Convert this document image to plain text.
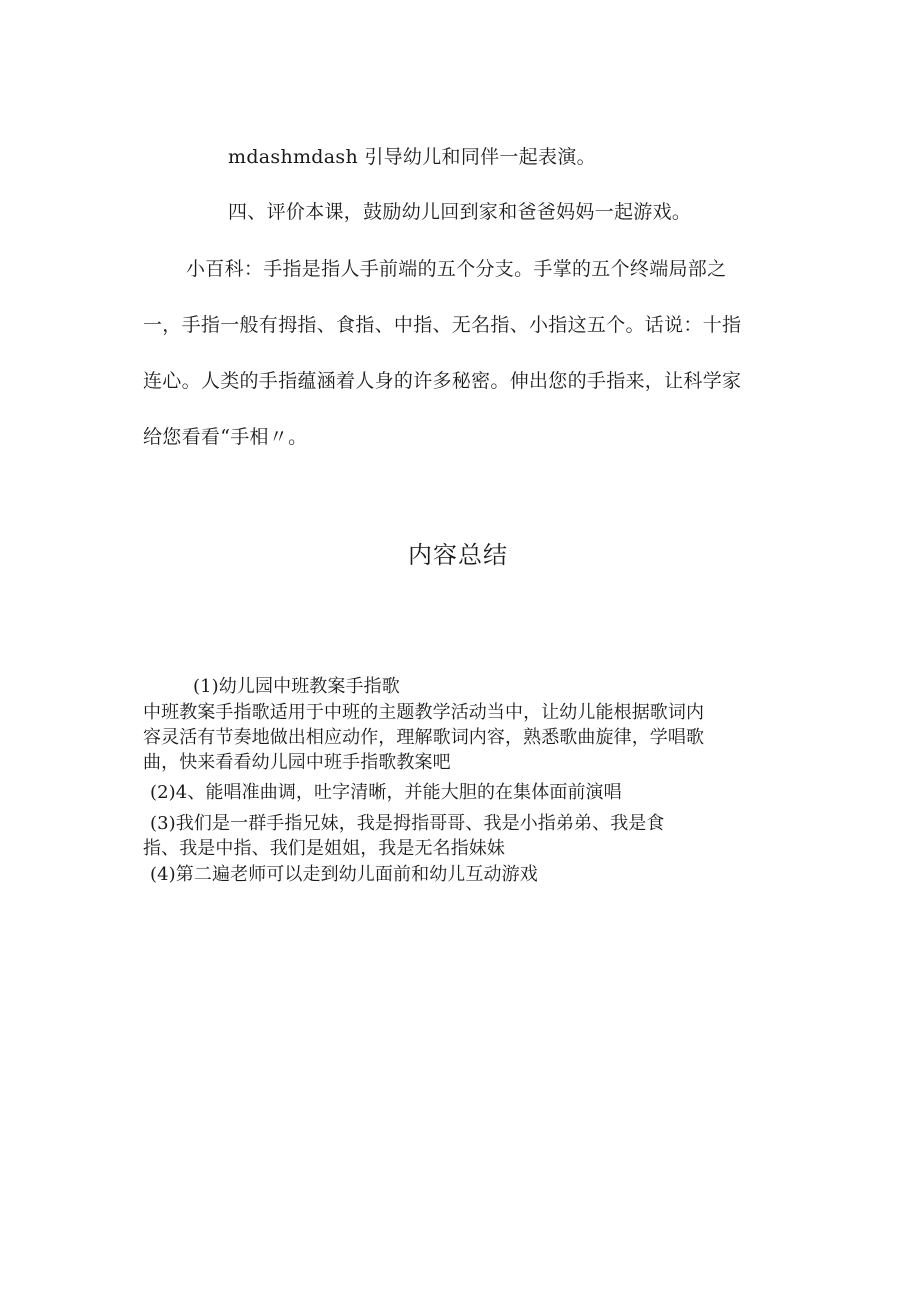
mdashmdash 引导幼儿和同伴一起表演。
四、评价本课，鼓励幼儿回到家和爸爸妈妈一起游戏。
小百科：手指是指人手前端的五个分支。手掌的五个终端局部之
一，手指一般有拇指、食指、中指、无名指、小指这五个。话说：十指
连心。人类的手指蕴涵着人身的许多秘密。伸出您的手指来，让科学家
给您看看“手相〃。
内容总结
(1)幼儿园中班教案手指歌
中班教案手指歌适用于中班的主题教学活动当中，让幼儿能根据歌词内
容灵活有节奏地做出相应动作，理解歌词内容，熟悉歌曲旋律，学唱歌
曲，快来看看幼儿园中班手指歌教案吧
(2)4、能唱准曲调，吐字清晰，并能大胆的在集体面前演唱
(3)我们是一群手指兄妹，我是拇指哥哥、我是小指弟弟、我是食
指、我是中指、我们是姐姐，我是无名指妹妹
(4)第二遍老师可以走到幼儿面前和幼儿互动游戏
